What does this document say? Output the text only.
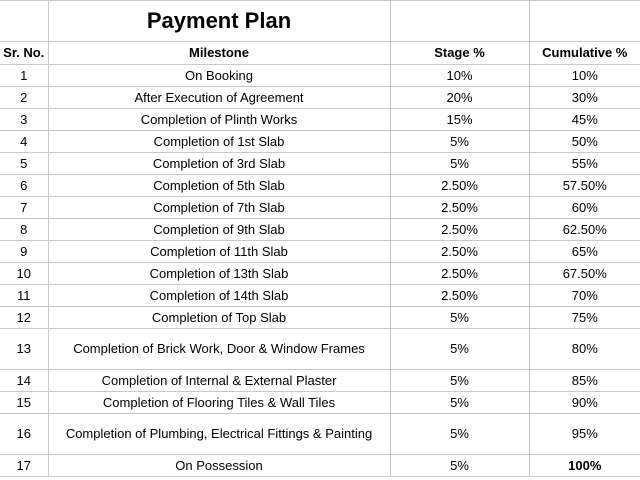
	Payment Plan		
Sr. No.	Milestone	Stage %	Cumulative %
1	On Booking	10%	10%
2	After Execution of Agreement	20%	30%
3	Completion of Plinth Works	15%	45%
4	Completion of 1st Slab	5%	50%
5	Completion of 3rd Slab	5%	55%
6	Completion of 5th Slab	2.50%	57.50%
7	Completion of 7th Slab	2.50%	60%
8	Completion of 9th Slab	2.50%	62.50%
9	Completion of 11th Slab	2.50%	65%
10	Completion of 13th Slab	2.50%	67.50%
11	Completion of 14th Slab	2.50%	70%
12	Completion of Top Slab	5%	75%
13	Completion of Brick Work, Door & Window Frames	5%	80%
14	Completion of Internal & External Plaster	5%	85%
15	Completion of Flooring Tiles & Wall Tiles	5%	90%
16	Completion of Plumbing, Electrical Fittings & Painting	5%	95%
17	On Possession	5%	100%
